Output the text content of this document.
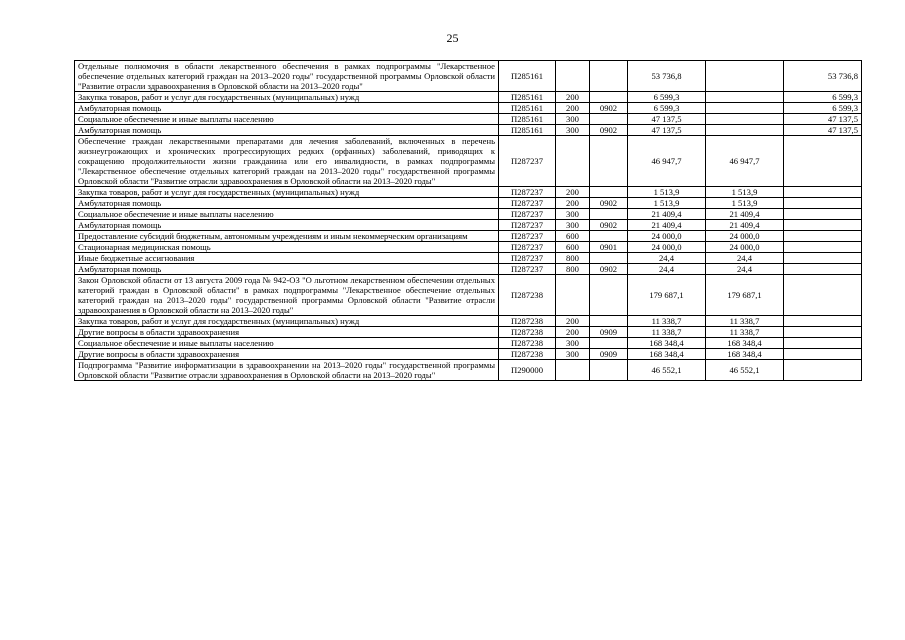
25
Отдельные полномочия в области лекарственного обеспечения в рамках подпрограммы "Лекарственное обеспечение отдельных категорий граждан на 2013–2020 годы" государственной программы Орловской области "Развитие отрасли здравоохранения в Орловской области на 2013–2020 годы"	П285161			53 736,8		53 736,8
Закупка товаров, работ и услуг для государственных (муниципальных) нужд	П285161	200		6 599,3		6 599,3
Амбулаторная помощь	П285161	200	0902	6 599,3		6 599,3
Социальное обеспечение и иные выплаты населению	П285161	300		47 137,5		47 137,5
Амбулаторная помощь	П285161	300	0902	47 137,5		47 137,5
Обеспечение граждан лекарственными препаратами для лечения заболеваний, включенных в перечень жизнеугрожающих и хронических прогрессирующих редких (орфанных) заболеваний, приводящих к сокращению продолжительности жизни гражданина или его инвалидности, в рамках подпрограммы "Лекарственное обеспечение отдельных категорий граждан на 2013–2020 годы" государственной программы Орловской области "Развитие отрасли здравоохранения в Орловской области на 2013–2020 годы"	П287237			46 947,7	46 947,7	
Закупка товаров, работ и услуг для государственных (муниципальных) нужд	П287237	200		1 513,9	1 513,9	
Амбулаторная помощь	П287237	200	0902	1 513,9	1 513,9	
Социальное обеспечение и иные выплаты населению	П287237	300		21 409,4	21 409,4	
Амбулаторная помощь	П287237	300	0902	21 409,4	21 409,4	
Предоставление субсидий бюджетным, автономным учреждениям и иным некоммерческим организациям	П287237	600		24 000,0	24 000,0	
Стационарная медицинская помощь	П287237	600	0901	24 000,0	24 000,0	
Иные бюджетные ассигнования	П287237	800		24,4	24,4	
Амбулаторная помощь	П287237	800	0902	24,4	24,4	
Закон Орловской области от 13 августа 2009 года № 942-ОЗ "О льготном лекарственном обеспечении отдельных категорий граждан в Орловской области" в рамках подпрограммы "Лекарственное обеспечение отдельных категорий граждан на 2013–2020 годы" государственной программы Орловской области "Развитие отрасли здравоохранения в Орловской области на 2013–2020 годы"	П287238			179 687,1	179 687,1	
Закупка товаров, работ и услуг для государственных (муниципальных) нужд	П287238	200		11 338,7	11 338,7	
Другие вопросы в области здравоохранения	П287238	200	0909	11 338,7	11 338,7	
Социальное обеспечение и иные выплаты населению	П287238	300		168 348,4	168 348,4	
Другие вопросы в области здравоохранения	П287238	300	0909	168 348,4	168 348,4	
Подпрограмма "Развитие информатизации в здравоохранении на 2013–2020 годы" государственной программы Орловской области "Развитие отрасли здравоохранения в Орловской области на 2013–2020 годы"	П290000			46 552,1	46 552,1	
